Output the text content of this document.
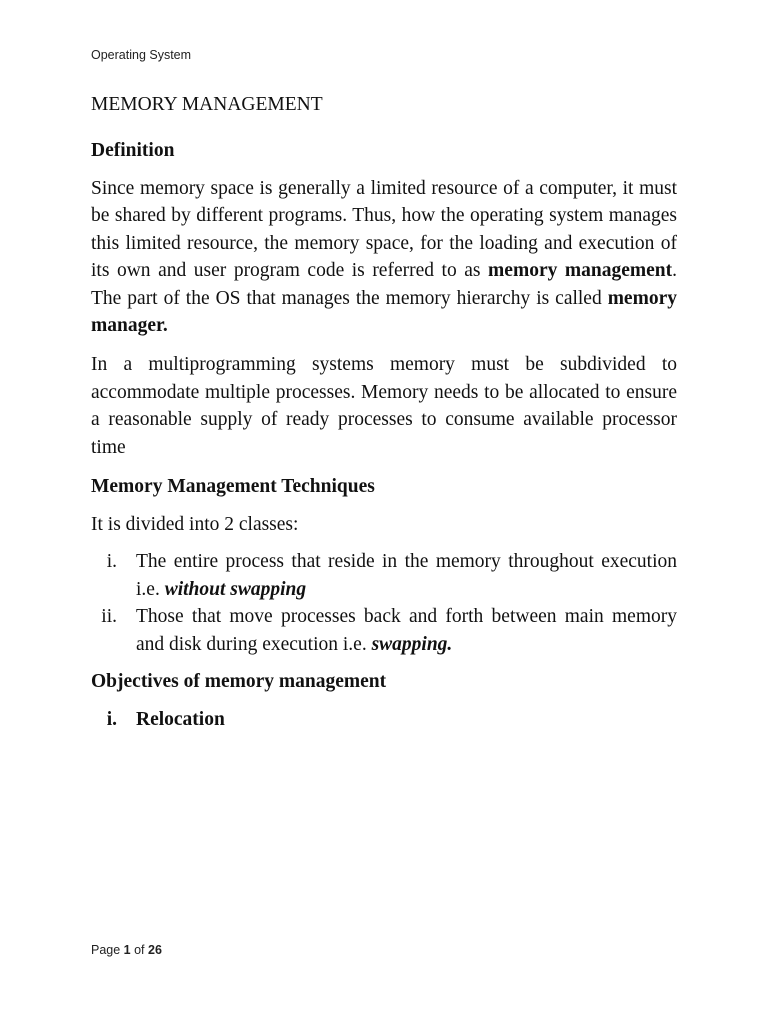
Operating System
MEMORY MANAGEMENT
Definition

Since memory space is generally a limited resource of a computer, it must be shared by different programs. Thus, how the operating system manages this limited resource, the memory space, for the loading and execution of its own and user program code is referred to as memory management. The part of the OS that manages the memory hierarchy is called memory manager.

In a multiprogramming systems memory must be subdivided to accommodate multiple processes. Memory needs to be allocated to ensure a reasonable supply of ready processes to consume available processor time

Memory Management Techniques

It is divided into 2 classes:

i. The entire process that reside in the memory throughout execution i.e. without swapping
ii. Those that move processes back and forth between main memory and disk during execution i.e. swapping.
Objectives of memory management
i. Relocation
Page 1 of 26
